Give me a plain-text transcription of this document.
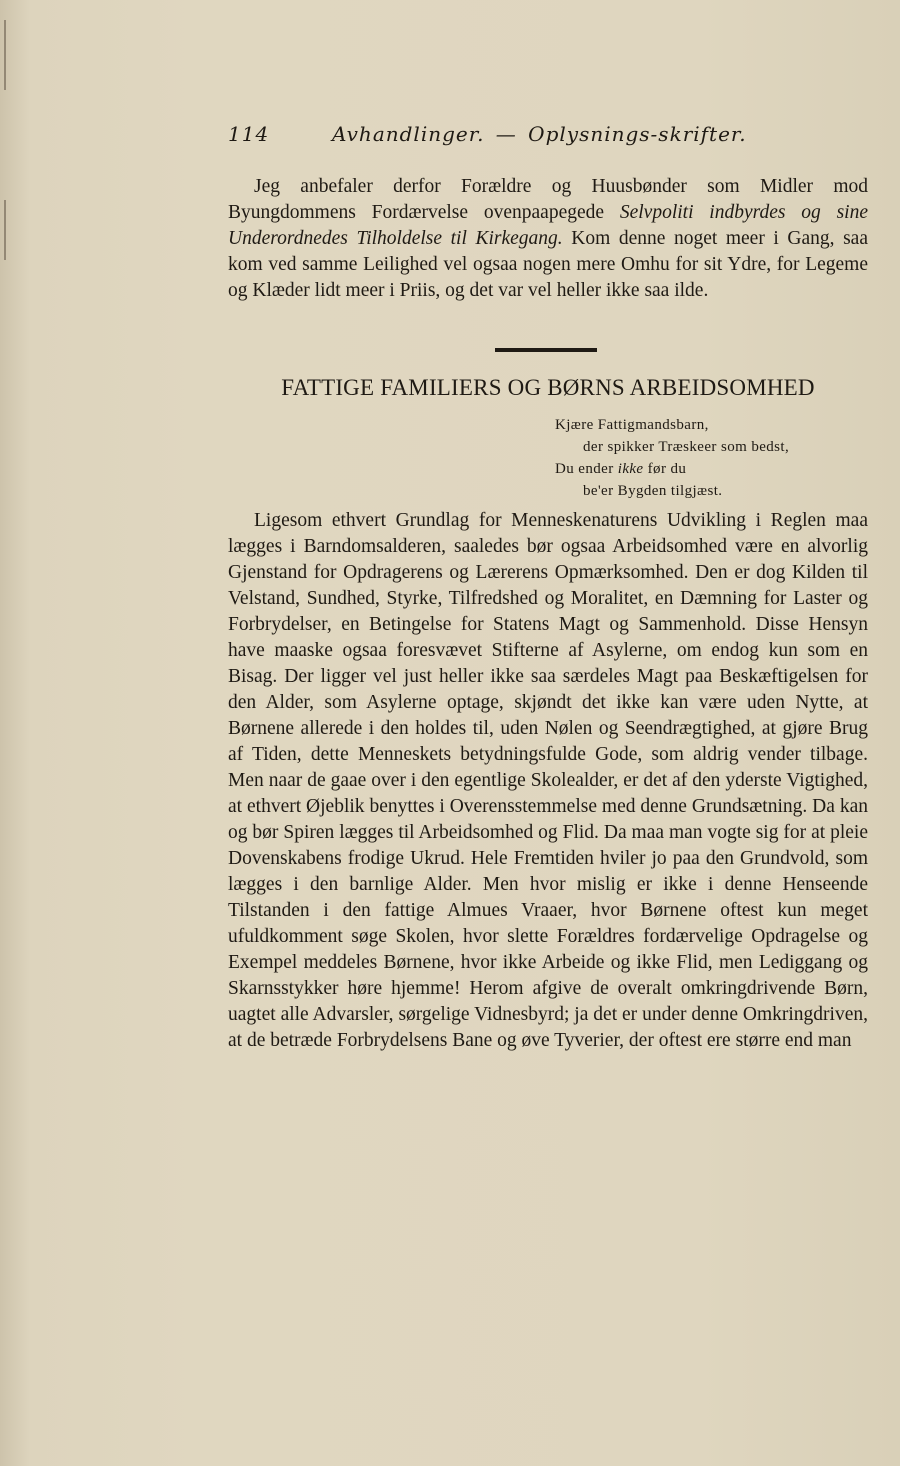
114	Avhandlinger. — Oplysnings-skrifter.

Jeg anbefaler derfor Forældre og Huusbønder som Midler mod Byungdommens Fordærvelse ovenpaapegede Selvpoliti indbyrdes og sine Underordnedes Tilholdelse til Kirkegang. Kom denne noget meer i Gang, saa kom ved samme Leilighed vel ogsaa nogen mere Omhu for sit Ydre, for Legeme og Klæder lidt meer i Priis, og det var vel heller ikke saa ilde.

FATTIGE FAMILIERS OG BØRNS ARBEIDSOMHED
Kjære Fattigmandsbarn,
der spikker Træskeer som bedst,
Du ender ikke før du
be'er Bygden tilgjæst.

Ligesom ethvert Grundlag for Menneskenaturens Udvikling i Reglen maa lægges i Barndomsalderen, saaledes bør ogsaa Arbeidsomhed være en alvorlig Gjenstand for Opdragerens og Lærerens Opmærksomhed. Den er dog Kilden til Velstand, Sundhed, Styrke, Tilfredshed og Moralitet, en Dæmning for Laster og Forbrydelser, en Betingelse for Statens Magt og Sammenhold. Disse Hensyn have maaske ogsaa foresvævet Stifterne af Asylerne, om endog kun som en Bisag. Der ligger vel just heller ikke saa særdeles Magt paa Beskæftigelsen for den Alder, som Asylerne optage, skjøndt det ikke kan være uden Nytte, at Børnene allerede i den holdes til, uden Nølen og Seendrægtighed, at gjøre Brug af Tiden, dette Menneskets betydningsfulde Gode, som aldrig vender tilbage. Men naar de gaae over i den egentlige Skolealder, er det af den yderste Vigtighed, at ethvert Øjeblik benyttes i Overensstemmelse med denne Grundsætning. Da kan og bør Spiren lægges til Arbeidsomhed og Flid. Da maa man vogte sig for at pleie Dovenskabens frodige Ukrud. Hele Fremtiden hviler jo paa den Grundvold, som lægges i den barnlige Alder. Men hvor mislig er ikke i denne Henseende Tilstanden i den fattige Almues Vraaer, hvor Børnene oftest kun meget ufuldkomment søge Skolen, hvor slette Forældres fordærvelige Opdragelse og Exempel meddeles Børnene, hvor ikke Arbeide og ikke Flid, men Lediggang og Skarnsstykker høre hjemme! Herom afgive de overalt omkringdrivende Børn, uagtet alle Advarsler, sørgelige Vidnesbyrd; ja det er under denne Omkringdriven, at de betræde Forbrydelsens Bane og øve Tyverier, der oftest ere større end man
